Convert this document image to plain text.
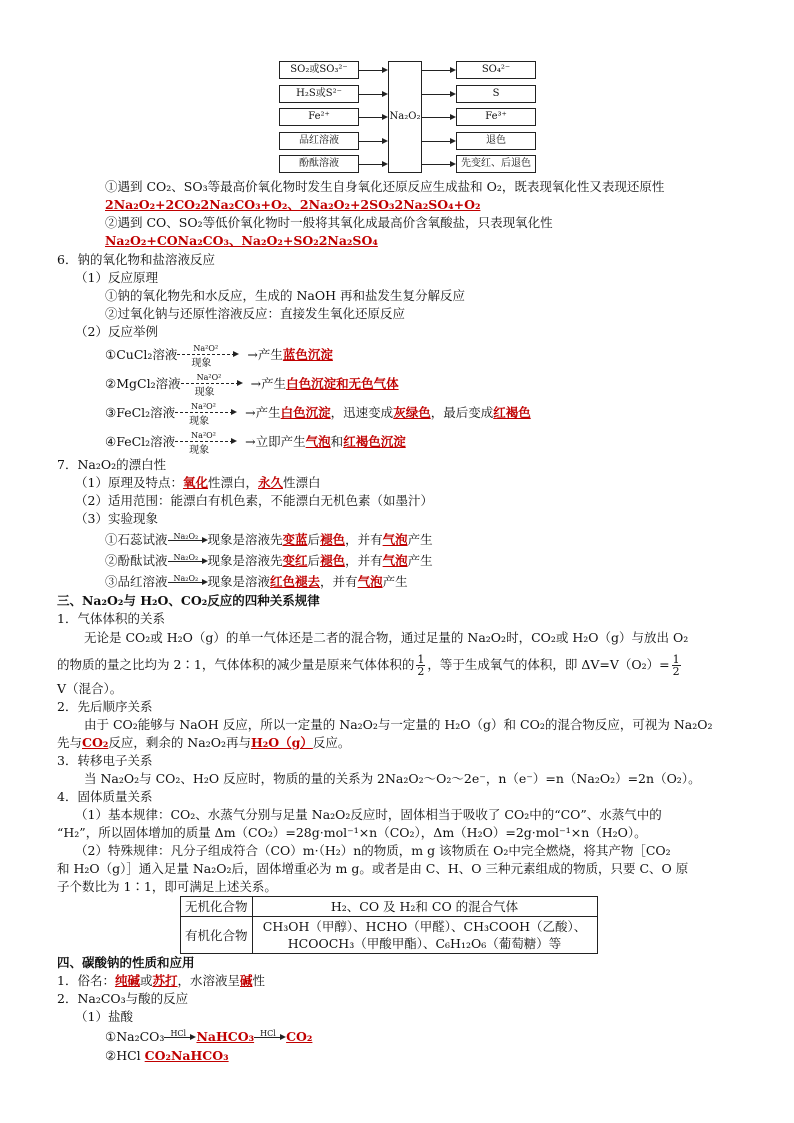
SO₂或SO₃²⁻
H₂S或S²⁻
Fe²⁺
品红溶液
酚酞溶液
Na₂O₂
SO₄²⁻
S
Fe³⁺
退色
先变红、后退色
①遇到 CO₂、SO₃等最高价氧化物时发生自身氧化还原反应生成盐和 O₂，既表现氧化性又表现还原性
2Na₂O₂+2CO₂2Na₂CO₃+O₂、2Na₂O₂+2SO₃2Na₂SO₄+O₂
②遇到 CO、SO₂等低价氧化物时一般将其氧化成最高价含氧酸盐，只表现氧化性
Na₂O₂+CONa₂CO₃、Na₂O₂+SO₂2Na₂SO₄
6．钠的氧化物和盐溶液反应
（1）反应原理
①钠的氧化物先和水反应，生成的 NaOH 再和盐发生复分解反应
②过氧化钠与还原性溶液反应：直接发生氧化还原反应
（2）反应举例
①CuCl₂溶液 Na²O²
现象
→产生蓝色沉淀
②MgCl₂溶液 Na²O²
现象
→产生白色沉淀和无色气体
③FeCl₂溶液 Na²O²
现象
→产生白色沉淀，迅速变成灰绿色，最后变成红褐色
④FeCl₂溶液 Na²O²
现象
→立即产生气泡和红褐色沉淀
7．Na₂O₂的漂白性
（1）原理及特点：氧化性漂白，永久性漂白
（2）适用范围：能漂白有机色素，不能漂白无机色素（如墨汁）
（3）实验现象
①石蕊试液 Na₂O₂ 现象是溶液先变蓝后褪色，并有气泡产生
②酚酞试液 Na₂O₂ 现象是溶液先变红后褪色，并有气泡产生
③品红溶液 Na₂O₂ 现象是溶液红色褪去，并有气泡产生
三、Na₂O₂与 H₂O、CO₂反应的四种关系规律
1．气体体积的关系
无论是 CO₂或 H₂O（g）的单一气体还是二者的混合物，通过足量的 Na₂O₂时，CO₂或 H₂O（g）与放出 O₂
的物质的量之比均为 2∶1，气体体积的减少量是原来气体体积的 $\frac{1}{2}$ ，等于生成氧气的体积，即 $\Delta V=V(O_2)= \frac{1}{2}$
V（混合）。
2．先后顺序关系
由于 CO₂能够与 NaOH 反应，所以一定量的 Na₂O₂与一定量的 H₂O（g）和 CO₂的混合物反应，可视为 Na₂O₂
先与CO₂反应，剩余的 Na₂O₂再与H₂O（g）反应。
3．转移电子关系
当 Na₂O₂与 CO₂、H₂O 反应时，物质的量的关系为 2Na₂O₂～O₂～2e⁻，n（e⁻）=n（Na₂O₂）=2n（O₂）。
4．固体质量关系
（1）基本规律：CO₂、水蒸气分别与足量 Na₂O₂反应时，固体相当于吸收了 CO₂中的“CO”、水蒸气中的
“H₂”，所以固体增加的质量 Δm（CO₂）=28g·mol⁻¹×n（CO₂），Δm（H₂O）=2g·mol⁻¹×n（H₂O）。
（2）特殊规律：凡分子组成符合（CO）m·（H₂）n的物质，m g 该物质在 O₂中完全燃烧，将其产物［CO₂
和 H₂O（g）］通入足量 Na₂O₂后，固体增重必为 m g。或者是由 C、H、O 三种元素组成的物质，只要 C、O 原
子个数比为 1∶1，即可满足上述关系。
无机化合物	H₂、CO 及 H₂和 CO 的混合气体
有机化合物	CH₃OH（甲醇）、HCHO（甲醛）、CH₃COOH（乙酸）、
HCOOCH₃（甲酸甲酯）、C₆H₁₂O₆（葡萄糖）等
四、碳酸钠的性质和应用
1．俗名：纯碱或苏打，水溶液呈碱性
2．Na₂CO₃与酸的反应
（1）盐酸
①Na₂CO₃ HCl NaHCO₃ HCl CO₂
②HCl CO₂NaHCO₃
